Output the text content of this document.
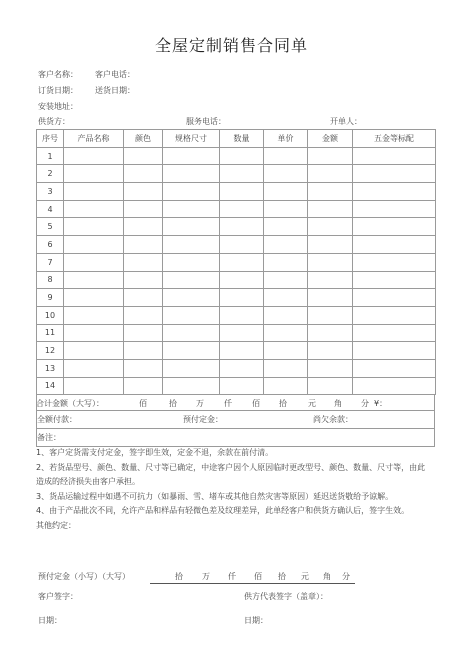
全屋定制销售合同单
客户名称： 客户电话：
订货日期： 送货日期：
安装地址：
供货方：	服务电话：	开单人：
序号	产品名称	颜色	规格尺寸	数量	单价	金额	五金等标配
1							
2							
3							
4							
5							
6							
7							
8							
9							
10							
11							
12							
13							
14							
合计金额（大写）：	佰	拾 万	仟	佰 拾	元 角 分 ¥：
全额付款：	预付定金：	尚欠余款：
备注：
1、客户定货需支付定金，签字即生效，定金不退，余款在前付清。
2、若货品型号、颜色、数量、尺寸等已确定，中途客户因个人原因临时更改型号、颜色、数量、尺寸等，由此造成的经济损失由客户承担。
3、货品运输过程中如遇不可抗力（如暴雨、雪、堵车或其他自然灾害等原因）延迟送货敬给予谅解。
4、由于产品批次不同，允许产品和样品有轻微色差及纹理差异，此单经客户和供货方确认后，签字生效。
其他约定：
预付定金（小写）（大写）	拾 万 仟 佰 拾 元 角 分
客户签字：	供方代表签字（盖章）：
日期：	日期：
